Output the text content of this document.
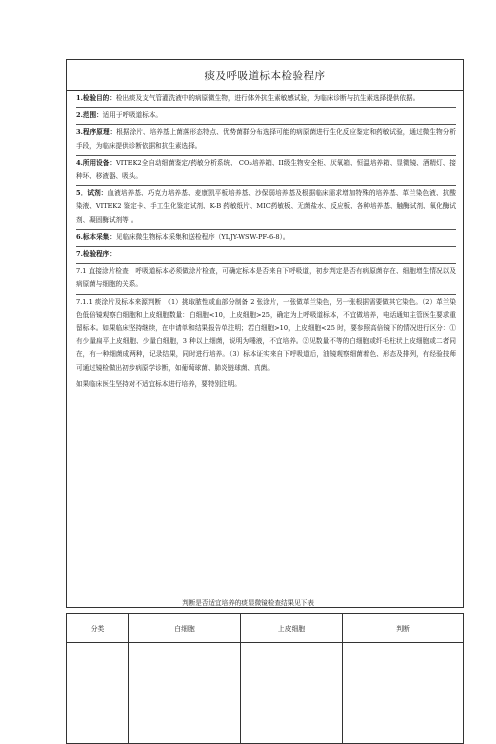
痰及呼吸道标本检验程序

1.检验目的：检出痰及支气管灌洗液中的病原微生物，进行体外抗生素敏感试验，为临床诊断与抗生素选择提供依据。

2.范围：适用于呼吸道标本。

3.程序原理：根据涂片、培养基上菌落形态特点、优势菌群分布选择可能的病原菌进行生化反应鉴定和药敏试验，通过微生物分析手段，为临床提供诊断依据和抗生素选择。

4.所用设备：VITEK2全自动细菌鉴定/药敏分析系统、 CO₂培养箱、II级生物安全柜、厌氧箱、恒温培养箱、显微镜、酒精灯、接种环、移液器、吸头。

5．试剂：血液培养基、巧克力培养基、麦康凯平板培养基、沙保弱培养基及根据临床需求增加特殊的培养基、革兰染色液、抗酸染液、VITEK2 鉴定卡、手工生化鉴定试剂、K-B 药敏纸片、MIC药敏板、无菌盐水、反应板、各种培养基、触酶试剂、氧化酶试剂、凝固酶试剂等 。

6.标本采集：见临床微生物标本采集和送检程序（YLJY-WSW-PF-6-8）。

7.检验程序：

7.1 直接涂片检查　呼吸道标本必须做涂片检查，可确定标本是否来自下呼吸道，初步判定是否有病原菌存在、细胞增生情况以及病原菌与细胞的关系。

7.1.1 痰涂片及标本来源判断　（1）挑取脓性或血部分制备 2 张涂片，一张做革兰染色，另一张根据需要做其它染色。（2）革兰染色低倍镜观察白细胞和上皮细胞数量：白细胞<10，上皮细胞>25，确定为上呼吸道标本，不宜做培养，电话通知主管医生要求重留标本。如果临床坚持继续，在申请单和结果报告单注明；若白细胞>10，上皮细胞<25 时，要参照高倍镜下的情况进行区分：①有少量扁平上皮细胞、少量白细胞，3 种以上细菌，说明为唾液，不宜培养。②见数量不等的白细胞或纤毛柱状上皮细胞或二者同在，有一种细菌成两种，记录结果，同时进行培养。（3）标本证实来自下呼吸道后，油镜观察细菌着色、形态及排列，有经验技师可通过镜检做出初步病原学诊断，如葡萄球菌、肺炎链球菌、真菌。

如果临床医生坚持对不适宜标本进行培养，要特别注明。

判断是否适宜培养的痰显微镜检查结果见下表
分类	白细胞	上皮细胞	判断
